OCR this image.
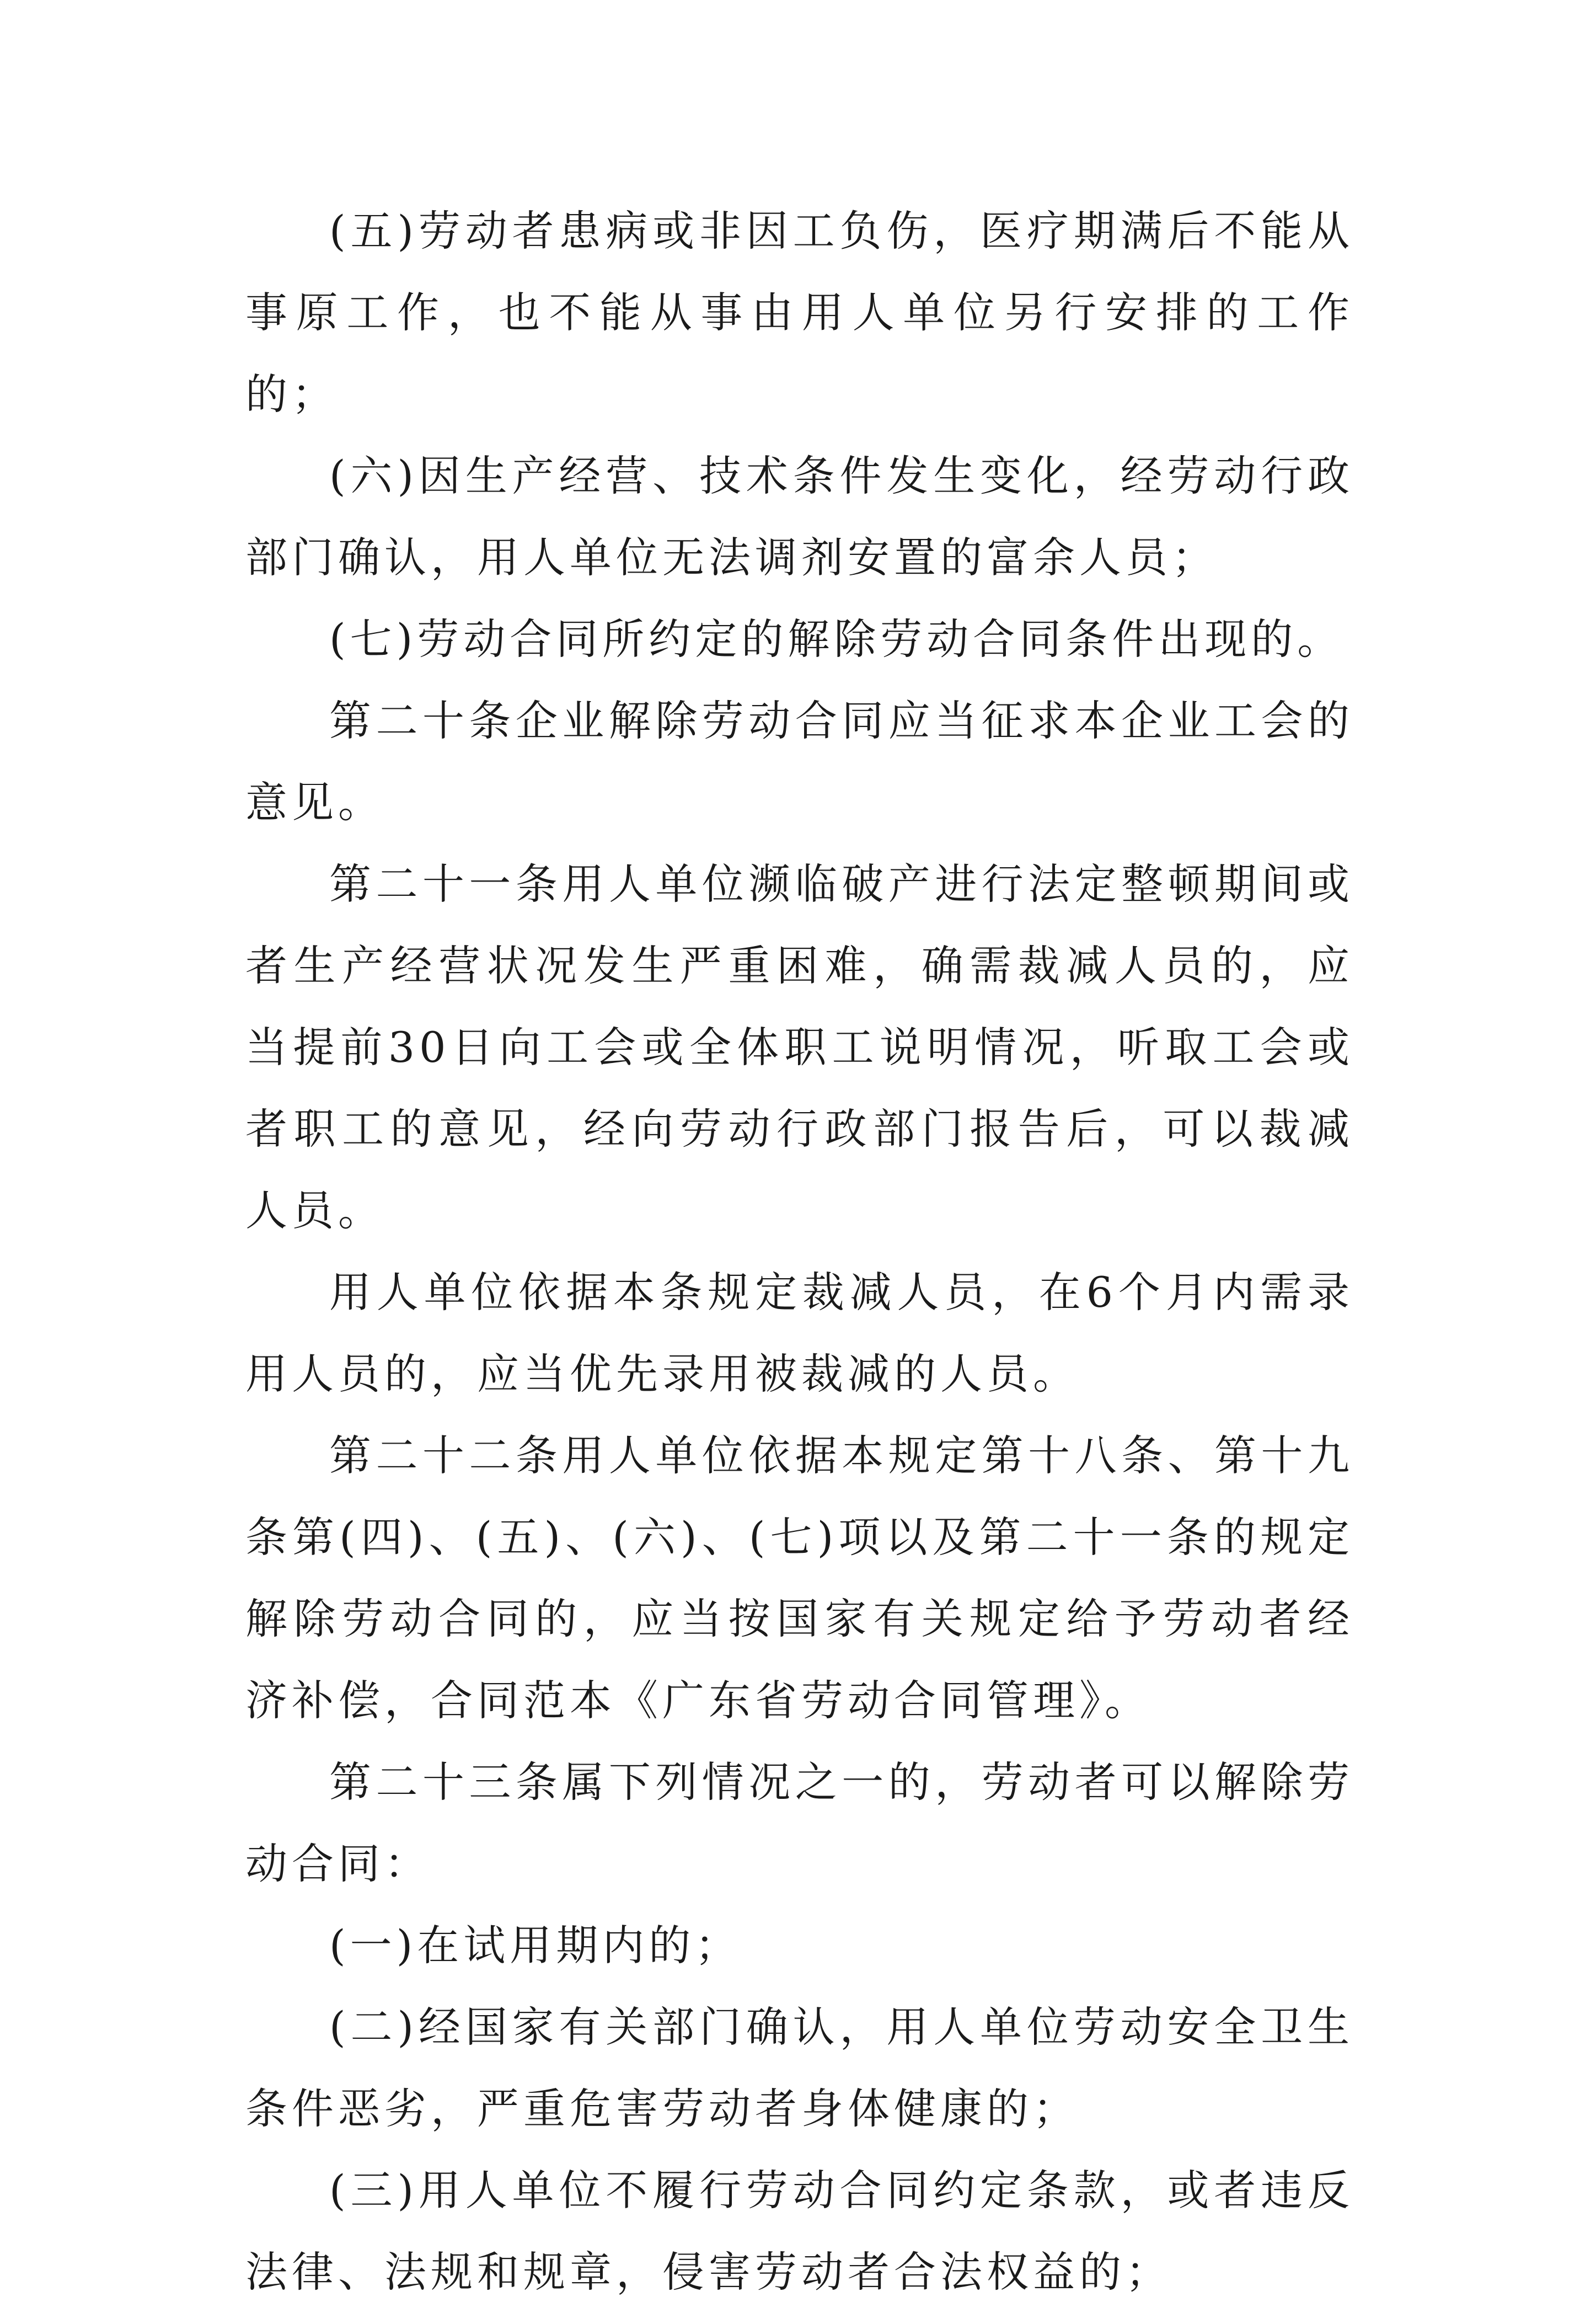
(五)劳动者患病或非因工负伤，医疗期满后不能从事原工作，也不能从事由用人单位另行安排的工作的；

(六)因生产经营、技术条件发生变化，经劳动行政部门确认，用人单位无法调剂安置的富余人员；

(七)劳动合同所约定的解除劳动合同条件出现的。

第二十条企业解除劳动合同应当征求本企业工会的意见。

第二十一条用人单位濒临破产进行法定整顿期间或者生产经营状况发生严重困难，确需裁减人员的，应当提前30日向工会或全体职工说明情况，听取工会或者职工的意见，经向劳动行政部门报告后，可以裁减人员。

用人单位依据本条规定裁减人员，在6个月内需录用人员的，应当优先录用被裁减的人员。

第二十二条用人单位依据本规定第十八条、第十九条第(四)、(五)、(六)、(七)项以及第二十一条的规定解除劳动合同的，应当按国家有关规定给予劳动者经济补偿，合同范本《广东省劳动合同管理》。

第二十三条属下列情况之一的，劳动者可以解除劳动合同：

(一)在试用期内的；

(二)经国家有关部门确认，用人单位劳动安全卫生条件恶劣，严重危害劳动者身体健康的；

(三)用人单位不履行劳动合同约定条款，或者违反法律、法规和规章，侵害劳动者合法权益的；
